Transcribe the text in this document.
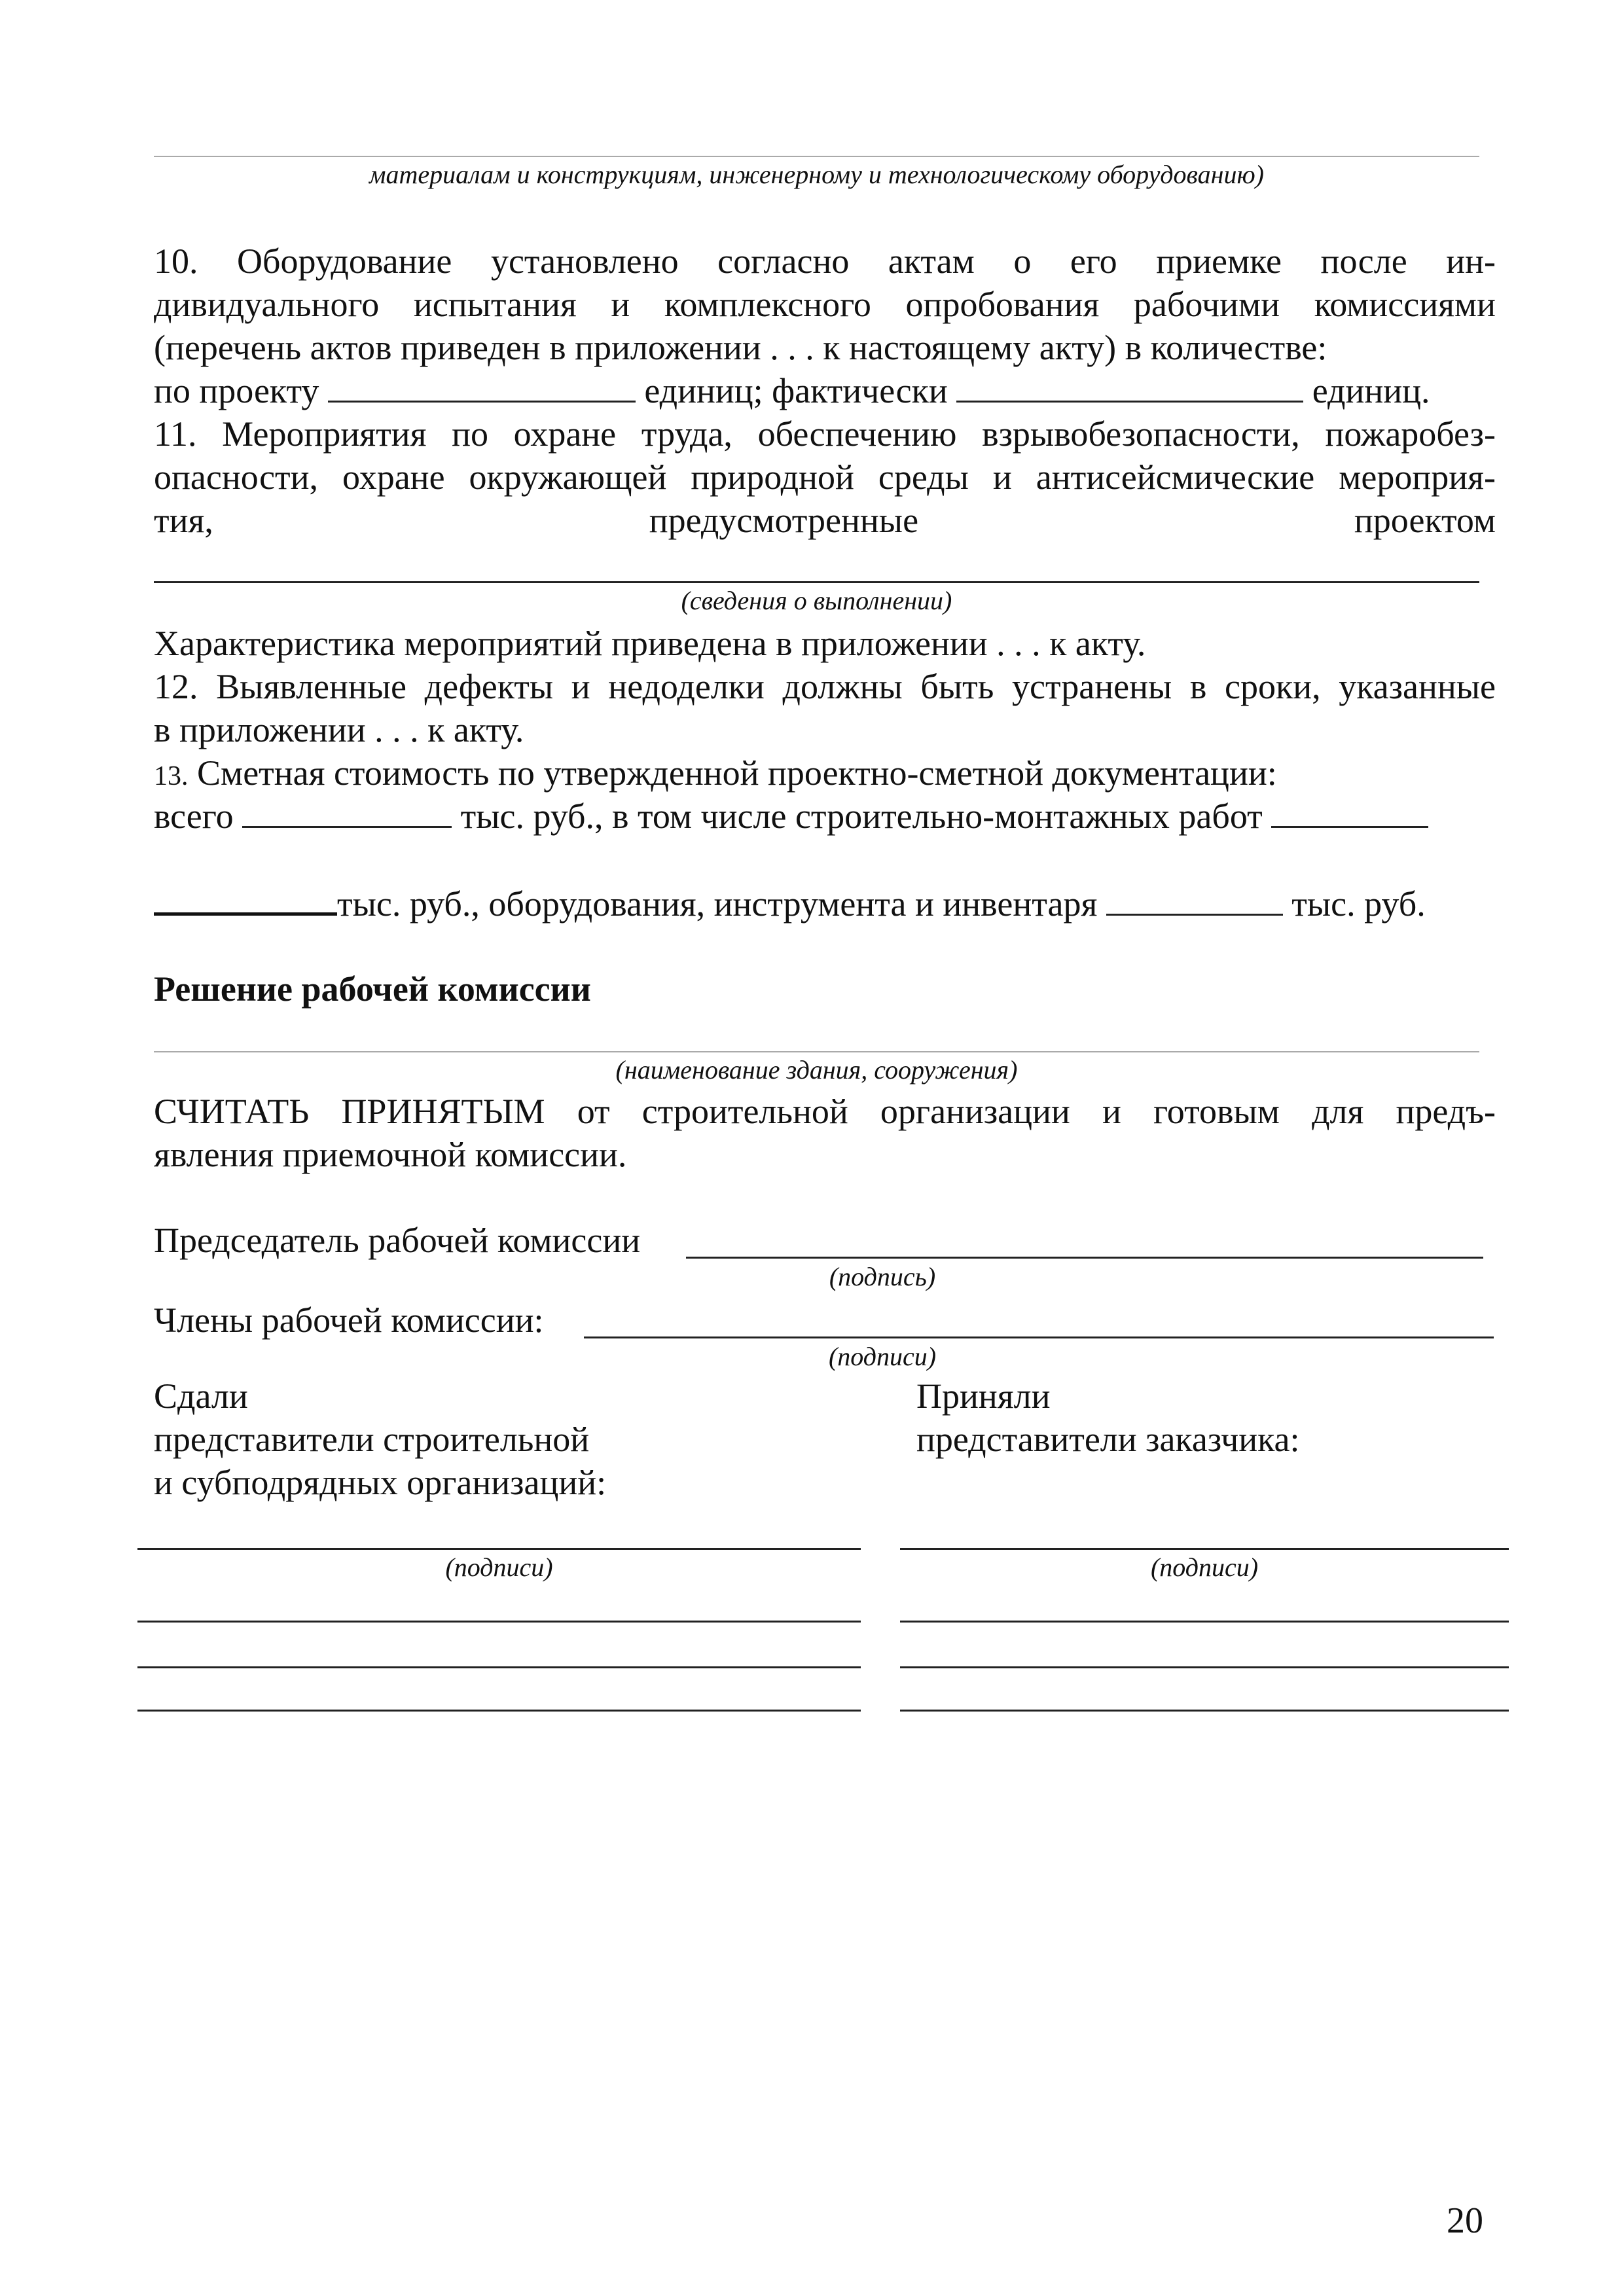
материалам и конструкциям, инженерному и технологическому оборудованию)
10. Оборудование установлено согласно актам о его приемке после ин-
дивидуального испытания и комплексного опробования рабочими комиссиями
(перечень актов приведен в приложении . . . к настоящему акту) в количестве:
по проекту	единиц; фактически	единиц.
11. Мероприятия по охране труда, обеспечению взрывобезопасности, пожаробез-
опасности, охране окружающей природной среды и антисейсмические мероприя-
тия, предусмотренные проектом
(сведения о выполнении)
Характеристика мероприятий приведена в приложении . . . к акту.
12. Выявленные дефекты и недоделки должны быть устранены в сроки, указанные
в приложении . . . к акту.
13. Сметная стоимость по утвержденной проектно-сметной документации:
всего	тыс. руб., в том числе строительно-монтажных работ
тыс. руб., оборудования, инструмента и инвентаря	тыс. руб.
Решение рабочей комиссии
(наименование здания, сооружения)
СЧИТАТЬ ПРИНЯТЫМ от строительной организации и готовым для предъ-
явления приемочной комиссии.
Председатель рабочей комиссии
(подпись)
Члены рабочей комиссии:
(подписи)
Сдали
представители строительной
и субподрядных организаций:
Приняли
представители заказчика:
(подписи)	(подписи)
20
